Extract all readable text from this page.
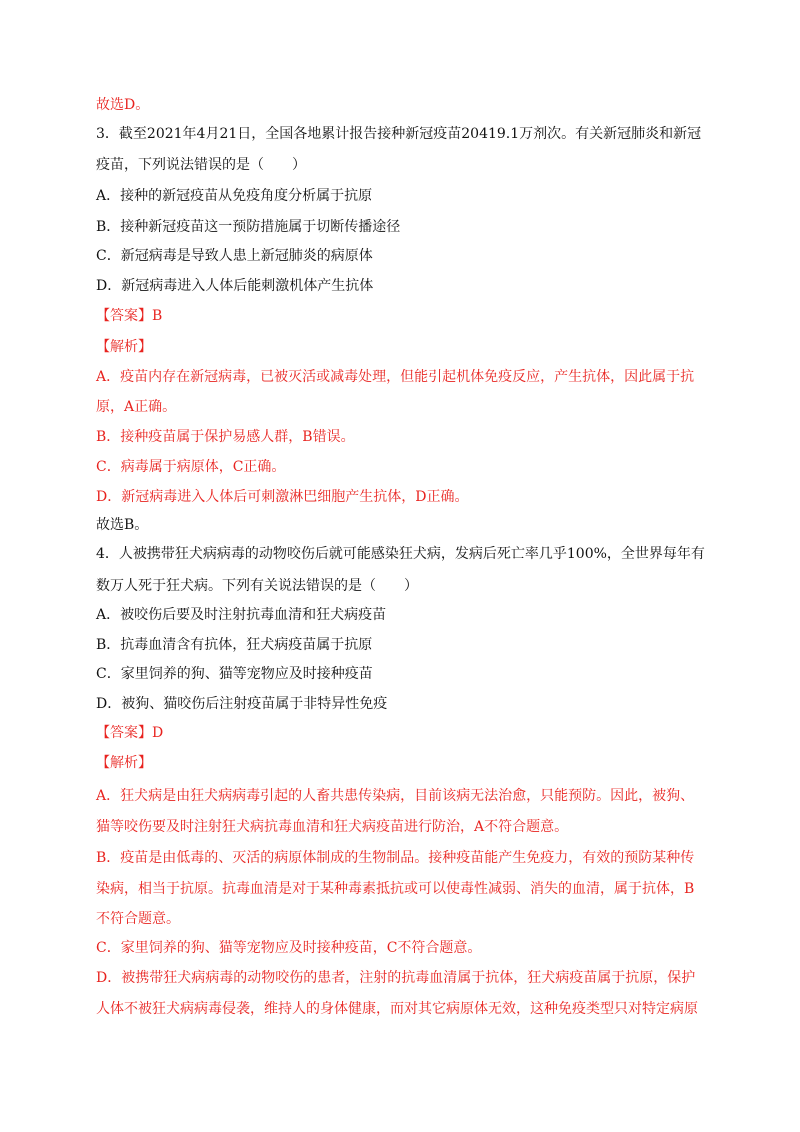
故选D。
3．截至2021年4月21日，全国各地累计报告接种新冠疫苗20419.1万剂次。有关新冠肺炎和新冠
疫苗，下列说法错误的是（　　）
A．接种的新冠疫苗从免疫角度分析属于抗原
B．接种新冠疫苗这一预防措施属于切断传播途径
C．新冠病毒是导致人患上新冠肺炎的病原体
D．新冠病毒进入人体后能刺激机体产生抗体
【答案】B
【解析】
A．疫苗内存在新冠病毒，已被灭活或减毒处理，但能引起机体免疫反应，产生抗体，因此属于抗
原，A正确。
B．接种疫苗属于保护易感人群，B错误。
C．病毒属于病原体，C正确。
D．新冠病毒进入人体后可刺激淋巴细胞产生抗体，D正确。
故选B。
4．人被携带狂犬病病毒的动物咬伤后就可能感染狂犬病，发病后死亡率几乎100%，全世界每年有
数万人死于狂犬病。下列有关说法错误的是（　　）
A．被咬伤后要及时注射抗毒血清和狂犬病疫苗
B．抗毒血清含有抗体，狂犬病疫苗属于抗原
C．家里饲养的狗、猫等宠物应及时接种疫苗
D．被狗、猫咬伤后注射疫苗属于非特异性免疫
【答案】D
【解析】
A．狂犬病是由狂犬病病毒引起的人畜共患传染病，目前该病无法治愈，只能预防。因此，被狗、
猫等咬伤要及时注射狂犬病抗毒血清和狂犬病疫苗进行防治，A不符合题意。
B．疫苗是由低毒的、灭活的病原体制成的生物制品。接种疫苗能产生免疫力，有效的预防某种传
染病，相当于抗原。抗毒血清是对于某种毒素抵抗或可以使毒性减弱、消失的血清，属于抗体，B
不符合题意。
C．家里饲养的狗、猫等宠物应及时接种疫苗，C不符合题意。
D．被携带狂犬病病毒的动物咬伤的患者，注射的抗毒血清属于抗体，狂犬病疫苗属于抗原，保护
人体不被狂犬病病毒侵袭，维持人的身体健康，而对其它病原体无效，这种免疫类型只对特定病原
